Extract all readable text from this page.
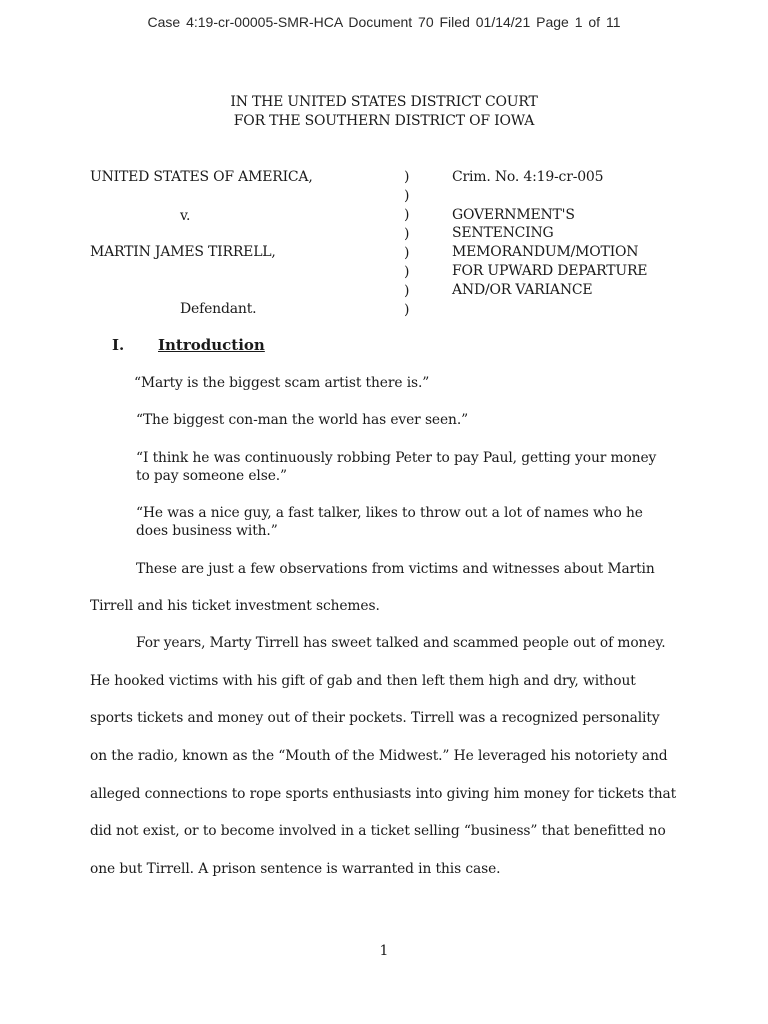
Case 4:19-cr-00005-SMR-HCA Document 70 Filed 01/14/21 Page 1 of 11
IN THE UNITED STATES DISTRICT COURT
FOR THE SOUTHERN DISTRICT OF IOWA
UNITED STATES OF AMERICA,
v.
MARTIN JAMES TIRRELL,
Defendant.
)
)
)
)
)
)
)
)
Crim. No. 4:19-cr-005
GOVERNMENT'S
SENTENCING
MEMORANDUM/MOTION
FOR UPWARD DEPARTURE
AND/OR VARIANCE
I. Introduction
“Marty is the biggest scam artist there is.”
“The biggest con-man the world has ever seen.”
“I think he was continuously robbing Peter to pay Paul, getting your money
to pay someone else.”
“He was a nice guy, a fast talker, likes to throw out a lot of names who he
does business with.”
These are just a few observations from victims and witnesses about Martin
Tirrell and his ticket investment schemes.
For years, Marty Tirrell has sweet talked and scammed people out of money.
He hooked victims with his gift of gab and then left them high and dry, without
sports tickets and money out of their pockets. Tirrell was a recognized personality
on the radio, known as the “Mouth of the Midwest.” He leveraged his notoriety and
alleged connections to rope sports enthusiasts into giving him money for tickets that
did not exist, or to become involved in a ticket selling “business” that benefitted no
one but Tirrell. A prison sentence is warranted in this case.
1
